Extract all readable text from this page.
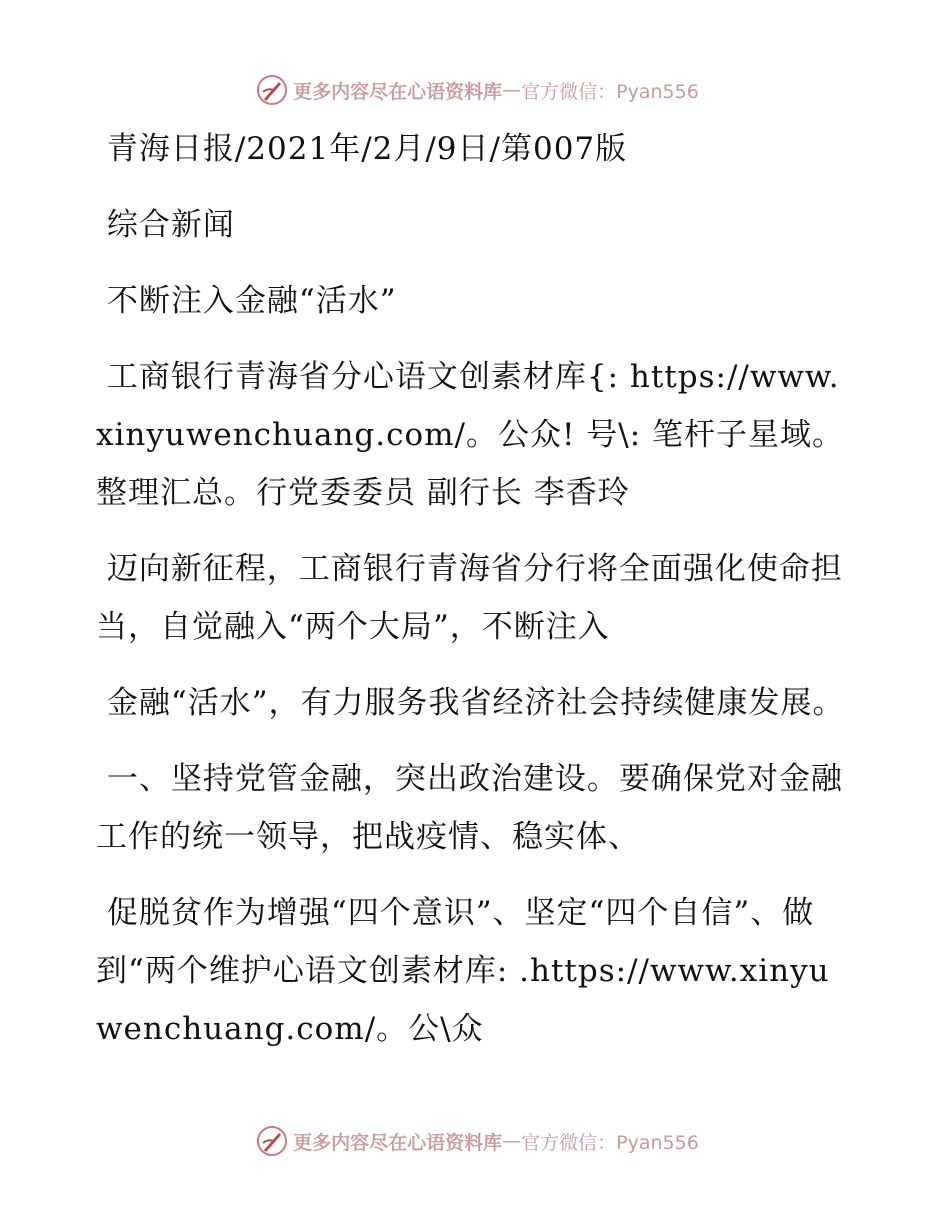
更多内容尽在心语资料库 — 官方微信：Pyan556

青海日报/2021年/2月/9日/第007版

综合新闻

不断注入金融“活水”

工商银行青海省分心语文创素材库{: https://www.xinyuwenchuang.com/。公众! 号\: 笔杆子星域。整理汇总。行党委委员 副行长 李香玲

迈向新征程，工商银行青海省分行将全面强化使命担当，自觉融入“两个大局”，不断注入

金融“活水”，有力服务我省经济社会持续健康发展。

一、坚持党管金融，突出政治建设。要确保党对金融工作的统一领导，把战疫情、稳实体、

促脱贫作为增强“四个意识”、坚定“四个自信”、做到“两个维护心语文创素材库: .https://www.xinyuwenchuang.com/。公\众

更多内容尽在心语资料库 — 官方微信：Pyan556
